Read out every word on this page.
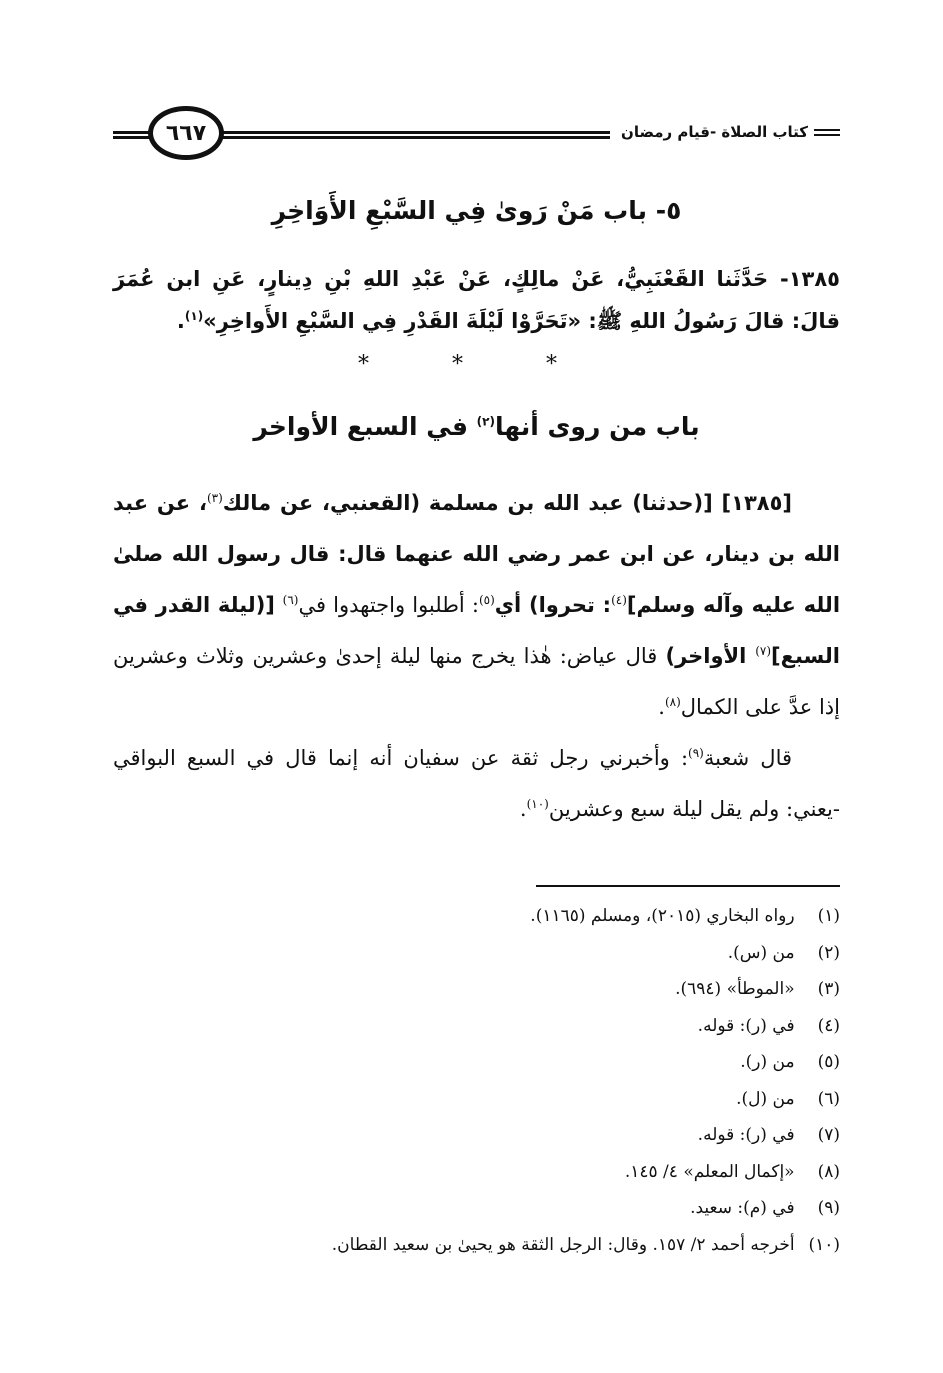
كتاب الصلاة -قيام رمضان
٦٦٧
٥- باب مَنْ رَوىٰ فِي السَّبْعِ الأَوَاخِرِ
١٣٨٥- حَدَّثَنا القَعْنَبِيُّ، عَنْ مالِكٍ، عَنْ عَبْدِ اللهِ بْنِ دِينارٍ، عَنِ ابن عُمَرَ قالَ: قالَ رَسُولُ اللهِ ﷺ: «تَحَرَّوْا لَيْلَةَ القَدْرِ فِي السَّبْعِ الأَواخِرِ»$^{(١)}$.
* * *
باب من روى أنها$^{(٢)}$ في السبع الأواخر

[١٣٨٥] [(حدثنا) عبد الله بن مسلمة (القعنبي، عن مالك$^{(٣)}$، عن عبد الله بن دينار، عن ابن عمر رضي الله عنهما قال: قال رسول الله صلىٰ الله عليه وآله وسلم]$^{(٤)}$: تحروا) أي$^{(٥)}$: أطلبوا واجتهدوا في$^{(٦)}$ [(ليلة القدر في السبع]$^{(٧)}$ الأواخر) قال عياض: هٰذا يخرج منها ليلة إحدىٰ وعشرين وثلاث وعشرين إذا عدَّ على الكمال$^{(٨)}$.

قال شعبة$^{(٩)}$: وأخبرني رجل ثقة عن سفيان أنه إنما قال في السبع البواقي -يعني: ولم يقل ليلة سبع وعشرين$^{(١٠)}$.

(١) رواه البخاري (٢٠١٥)، ومسلم (١١٦٥).
(٢) من (س).
(٣) «الموطأ» (٦٩٤).
(٤) في (ر): قوله.
(٥) من (ر).
(٦) من (ل).
(٧) في (ر): قوله.
(٨) «إكمال المعلم» ٤/ ١٤٥.
(٩) في (م): سعيد.
(١٠) أخرجه أحمد ٢/ ١٥٧. وقال: الرجل الثقة هو يحيىٰ بن سعيد القطان.
